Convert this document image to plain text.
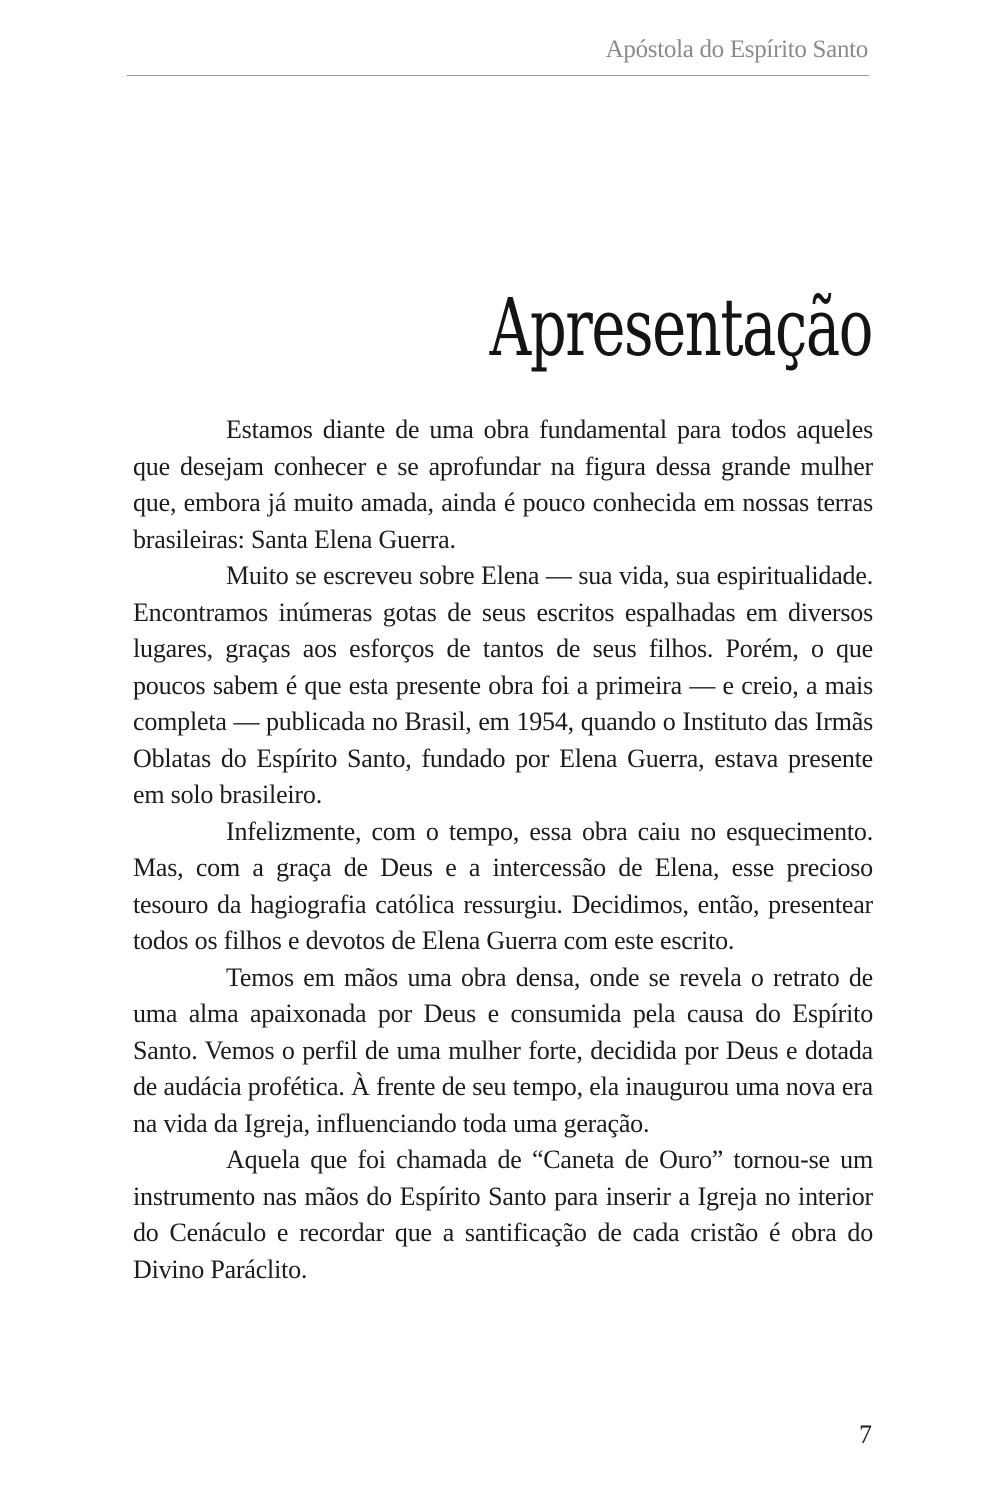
Apóstola do Espírito Santo
Apresentação

Estamos diante de uma obra fundamental para todos aqueles que desejam conhecer e se aprofundar na figura dessa grande mulher que, embora já muito amada, ainda é pouco conhecida em nossas terras brasileiras: Santa Elena Guerra.

Muito se escreveu sobre Elena — sua vida, sua espiritualidade. Encontramos inúmeras gotas de seus escritos espalhadas em diversos lugares, graças aos esforços de tantos de seus filhos. Porém, o que poucos sabem é que esta presente obra foi a primeira — e creio, a mais completa — publicada no Brasil, em 1954, quando o Instituto das Irmãs Oblatas do Espírito Santo, fundado por Elena Guerra, estava presente em solo brasileiro.

Infelizmente, com o tempo, essa obra caiu no esquecimento. Mas, com a graça de Deus e a intercessão de Elena, esse precioso tesouro da hagiografia católica ressurgiu. Decidimos, então, presentear todos os filhos e devotos de Elena Guerra com este escrito.

Temos em mãos uma obra densa, onde se revela o retrato de uma alma apaixonada por Deus e consumida pela causa do Espírito Santo. Vemos o perfil de uma mulher forte, decidida por Deus e dotada de audácia profética. À frente de seu tempo, ela inaugurou uma nova era na vida da Igreja, influenciando toda uma geração.

Aquela que foi chamada de “Caneta de Ouro” tornou-se um instrumento nas mãos do Espírito Santo para inserir a Igreja no interior do Cenáculo e recordar que a santificação de cada cristão é obra do Divino Paráclito.

7
